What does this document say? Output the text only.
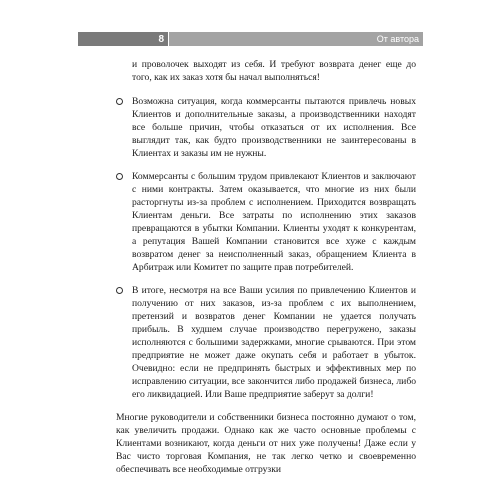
8	От автора

и проволочек выходят из себя. И требуют возврата денег еще до того, как их заказ хотя бы начал выполняться!

Возможна ситуация, когда коммерсанты пытаются привлечь новых Клиентов и дополнительные заказы, а производственники находят все больше причин, чтобы отказаться от их исполнения. Все выглядит так, как будто производственники не заинтересованы в Клиентах и заказы им не нужны.
Коммерсанты с большим трудом привлекают Клиентов и заключают с ними контракты. Затем оказывается, что многие из них были расторгнуты из-за проблем с исполнением. Приходится возвращать Клиентам деньги. Все затраты по исполнению этих заказов превращаются в убытки Компании. Клиенты уходят к конкурентам, а репутация Вашей Компании становится все хуже с каждым возвратом денег за неисполненный заказ, обращением Клиента в Арбитраж или Комитет по защите прав потребителей.
В итоге, несмотря на все Ваши усилия по привлечению Клиентов и получению от них заказов, из-за проблем с их выполнением, претензий и возвратов денег Компании не удается получать прибыль. В худшем случае производство перегружено, заказы исполняются с большими задержками, многие срываются. При этом предприятие не может даже окупать себя и работает в убыток. Очевидно: если не предпринять быстрых и эффективных мер по исправлению ситуации, все закончится либо продажей бизнеса, либо его ликвидацией. Или Ваше предприятие заберут за долги!

Многие руководители и собственники бизнеса постоянно думают о том, как увеличить продажи. Однако как же часто основные проблемы с Клиентами возникают, когда деньги от них уже получены! Даже если у Вас чисто торговая Компания, не так легко четко и своевременно обеспечивать все необходимые отгрузки
